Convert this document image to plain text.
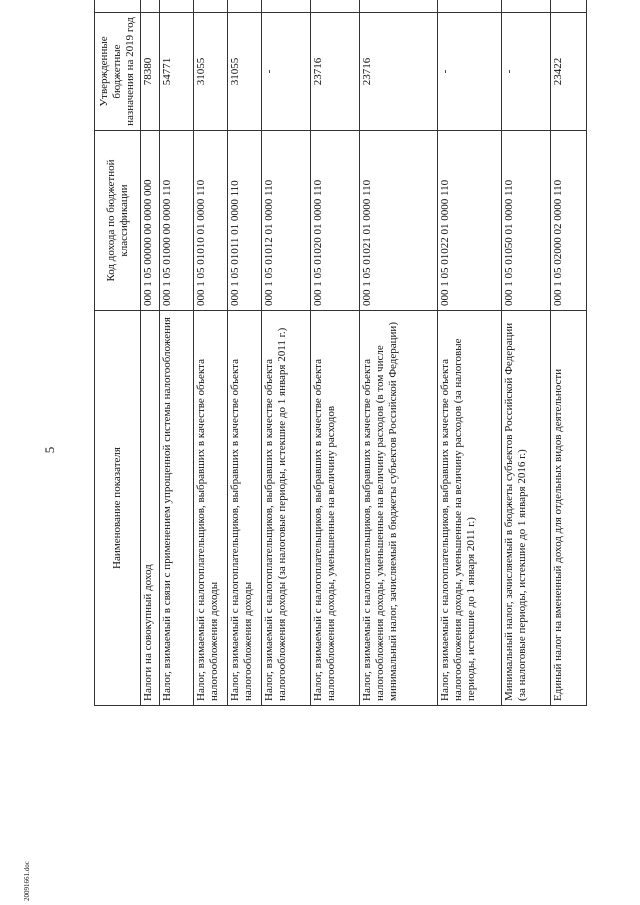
5	Наименование показателя	Код дохода по бюджетной классификации	Утвержденные бюджетные назначения на 2019 год	
Налоги на совокупный доход	000 1 05 00000 00 0000 000	78380	
Налог, взимаемый в связи с применением упрощенной системы налогообложения	000 1 05 01000 00 0000 110	54771	
Налог, взимаемый с налогоплательщиков, выбравших в качестве объекта налогообложения доходы	000 1 05 01010 01 0000 110	31055	
Налог, взимаемый с налогоплательщиков, выбравших в качестве объекта налогообложения доходы	000 1 05 01011 01 0000 110	31055	
Налог, взимаемый с налогоплательщиков, выбравших в качестве объекта налогообложения доходы (за налоговые периоды, истекшие до 1 января 2011 г.)	000 1 05 01012 01 0000 110	-	
Налог, взимаемый с налогоплательщиков, выбравших в качестве объекта налогообложения доходы, уменьшенные на величину расходов	000 1 05 01020 01 0000 110	23716	
Налог, взимаемый с налогоплательщиков, выбравших в качестве объекта налогообложения доходы, уменьшенные на величину расходов (в том числе минимальный налог, зачисляемый в бюджеты субъектов Российской Федерации)	000 1 05 01021 01 0000 110	23716	
Налог, взимаемый с налогоплательщиков, выбравших в качестве объекта налогообложения доходы, уменьшенные на величину расходов (за налоговые периоды, истекшие до 1 января 2011 г.)	000 1 05 01022 01 0000 110	-	
Минимальный налог, зачисляемый в бюджеты субъектов Российской Федерации (за налоговые периоды, истекшие до 1 января 2016 г.)	000 1 05 01050 01 0000 110	-	
Единый налог на вмененный доход для отдельных видов деятельности	000 1 05 02000 02 0000 110	23422	
20091661.doc
